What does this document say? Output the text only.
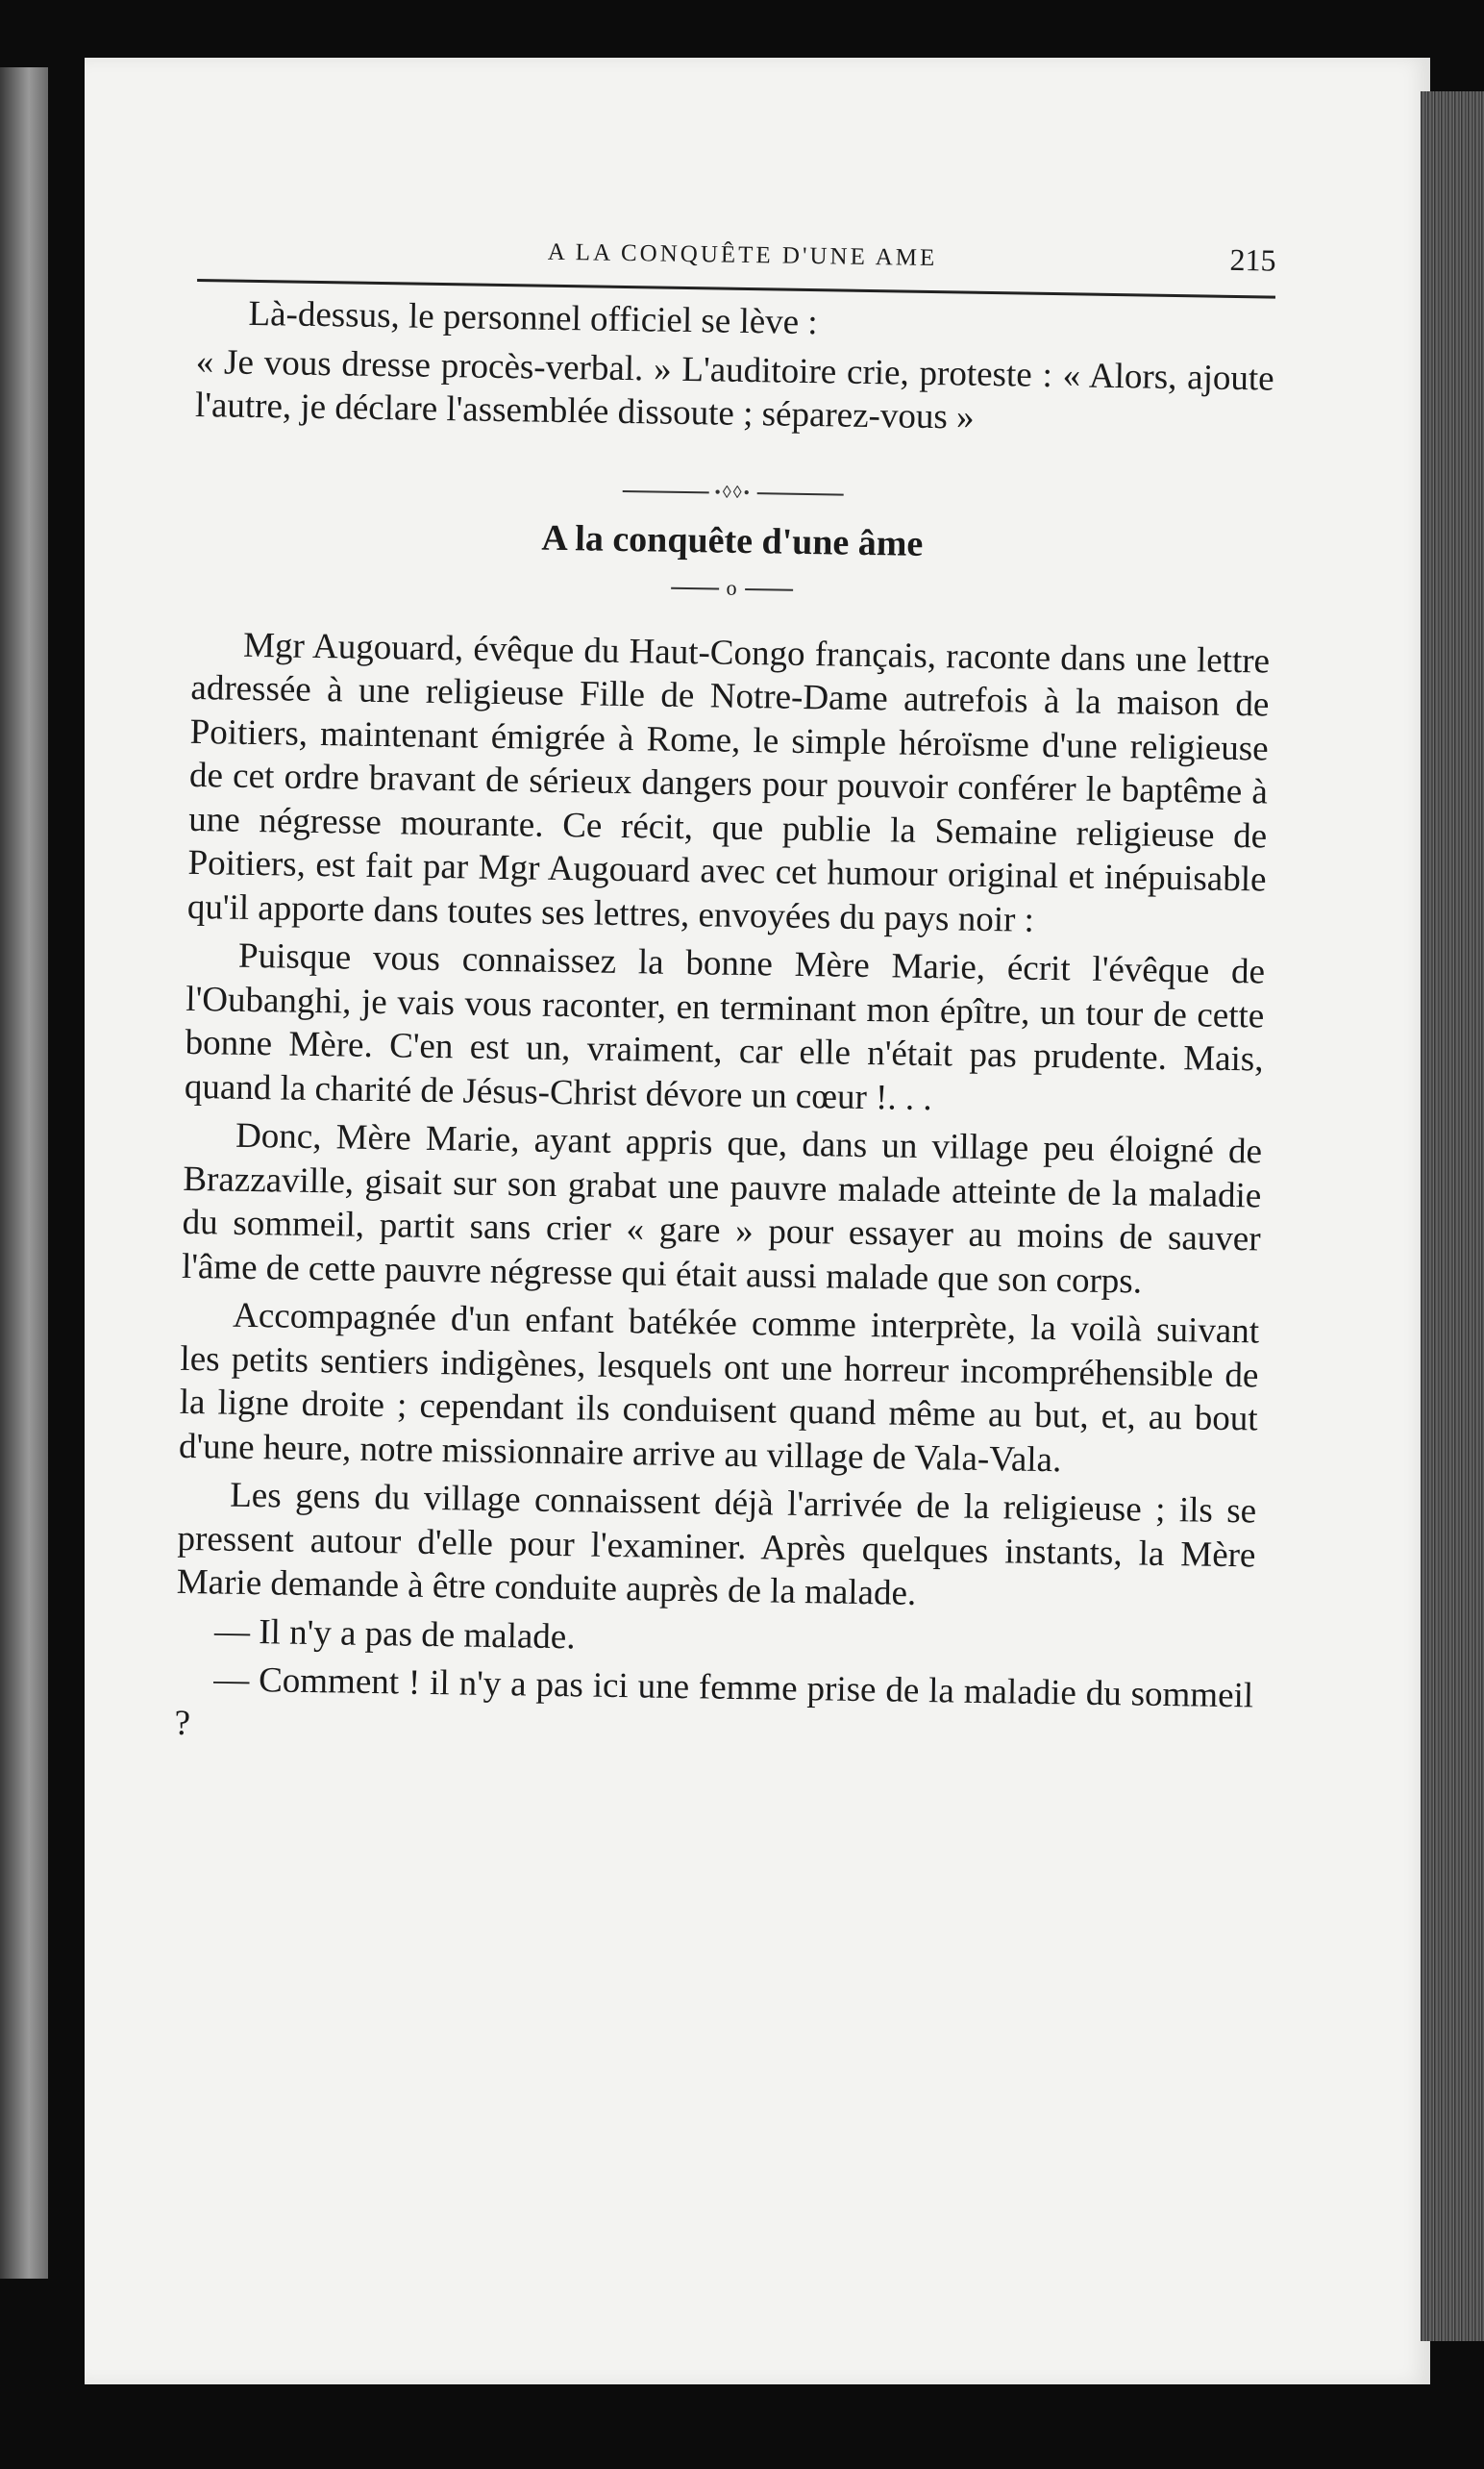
A LA CONQUÊTE D'UNE AME	215

Là-dessus, le personnel officiel se lève :

« Je vous dresse procès-verbal. » L'auditoire crie, proteste : « Alors, ajoute l'autre, je déclare l'assemblée dissoute ; séparez-vous »

•◊◊•
A la conquête d'une âme
o

Mgr Augouard, évêque du Haut-Congo français, raconte dans une lettre adressée à une religieuse Fille de Notre-Dame autrefois à la maison de Poitiers, maintenant émigrée à Rome, le simple héroïsme d'une religieuse de cet ordre bravant de sérieux dangers pour pouvoir conférer le baptême à une négresse mourante. Ce récit, que publie la Semaine religieuse de Poitiers, est fait par Mgr Augouard avec cet humour original et inépuisable qu'il apporte dans toutes ses lettres, envoyées du pays noir :

Puisque vous connaissez la bonne Mère Marie, écrit l'évêque de l'Oubanghi, je vais vous raconter, en terminant mon épître, un tour de cette bonne Mère. C'en est un, vraiment, car elle n'était pas prudente. Mais, quand la charité de Jésus-Christ dévore un cœur !. . .

Donc, Mère Marie, ayant appris que, dans un village peu éloigné de Brazzaville, gisait sur son grabat une pauvre malade atteinte de la maladie du sommeil, partit sans crier « gare » pour essayer au moins de sauver l'âme de cette pauvre négresse qui était aussi malade que son corps.

Accompagnée d'un enfant batékée comme interprète, la voilà suivant les petits sentiers indigènes, lesquels ont une horreur incompréhensible de la ligne droite ; cependant ils conduisent quand même au but, et, au bout d'une heure, notre missionnaire arrive au village de Vala-Vala.

Les gens du village connaissent déjà l'arrivée de la religieuse ; ils se pressent autour d'elle pour l'examiner. Après quelques instants, la Mère Marie demande à être conduite auprès de la malade.

— Il n'y a pas de malade.

— Comment ! il n'y a pas ici une femme prise de la maladie du sommeil ?
